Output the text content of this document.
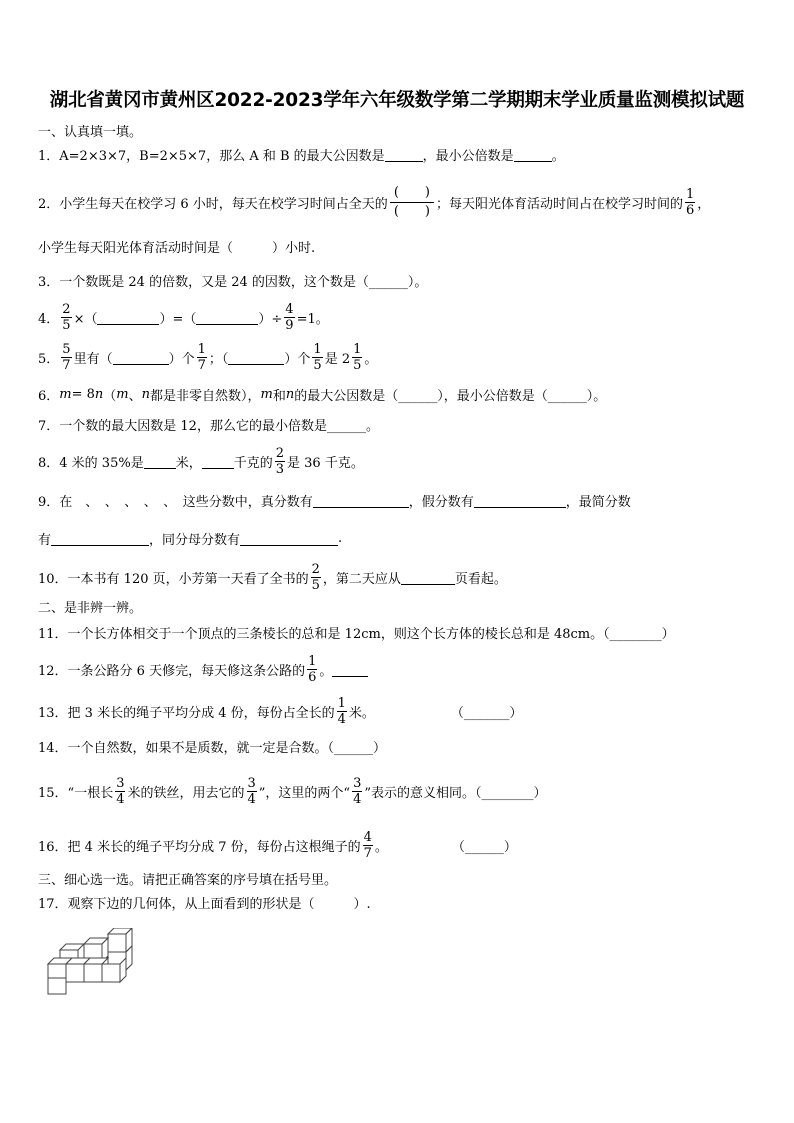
湖北省黄冈市黄州区2022-2023学年六年级数学第二学期期末学业质量监测模拟试题
一、认真填一填。
1．A=2×3×7，B=2×5×7，那么 A 和 B 的最大公因数是	，最小公倍数是	。
2．小学生每天在校学习 6 小时，每天在校学习时间占全天的 $\frac{( )}{( )}$ ；每天阳光体育活动时间占在校学习时间的 $\frac{1}{6}$ ，
小学生每天阳光体育活动时间是（　　　）小时.
3．一个数既是 24 的倍数，又是 24 的因数，这个数是（______）。
4． $\frac{2}{5}$ ×（	）=（	）÷ $\frac{4}{9} =1$。
5． $\frac{5}{7}$ 里有（	）个 $\frac{1}{7}$ ；（	）个 $\frac{1}{5}$ 是 $2 \frac{1}{5}$ 。
6． m = 8 n （ m 、 n 都是非零自然数）， m 和 n 的最大公因数是（______），最小公倍数是（______）。
7．一个数的最大因数是 12，那么它的最小倍数是______。
8．4 米的 35%是 米， 千克的 $\frac{2}{3}$ 是 36 千克。
9．在　、　、　、　、　、　这些分数中，真分数有	，假分数有	，最简分数
有	，同分母分数有	.
10．一本书有 120 页，小芳第一天看了全书的 $\frac{2}{5}$ ，第二天应从	页看起。
二、是非辨一辨。
11．一个长方体相交于一个顶点的三条棱长的总和是 12cm，则这个长方体的棱长总和是 48cm。（________）
12．一条公路分 6 天修完，每天修这条公路的 $\frac{1}{6}$ 。
13．把 3 米长的绳子平均分成 4 份，每份占全长的 $\frac{1}{4}$ 米。	（_______）
14．一个自然数，如果不是质数，就一定是合数。（______）
15．“一根长 $\frac{3}{4}$ 米的铁丝，用去它的 $\frac{3}{4}$ ”，这里的两个“ $\frac{3}{4}$ ”表示的意义相同。（________）
16．把 4 米长的绳子平均分成 7 份，每份占这根绳子的 $\frac{4}{7}$ 。	（______）
三、细心选一选。请把正确答案的序号填在括号里。
17．观察下边的几何体，从上面看到的形状是（　　　）.
